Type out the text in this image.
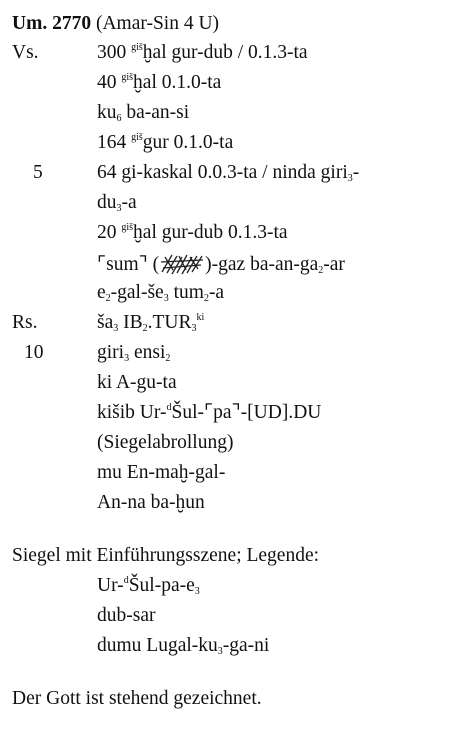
Um. 2770 (Amar-Sin 4 U)
Vs.	300 $^{giš}$ḫal gur-dub / 0.1.3-ta
40 $^{giš}$ḫal 0.1.0-ta
$ku_6$ ba-an-si
164 $^{giš}$gur 0.1.0-ta
5	64 gi-kaskal 0.0.3-ta / ninda giri$_3$-
$du_3-a$
20 $^{giš}$ḫal gur-dub 0.1.3-ta
⌜sum⌝ ( )-gaz $ba-an-ga_2-ar$
$e_2-gal-še_3$ tum$_2$-a
Rs.	$ša_3$ $IB_2.TUR_3^{ki}$
10	giri$_3$ ensi$_2$
ki A-gu-ta
kišib Ur-$^d$Šul-⌜pa⌝-[UD].DU
(Siegelabrollung)
mu En-maḫ-gal-
An-na ba-ḫun
Siegel mit Einführungsszene; Legende:
$Ur-^dŠul-pa-e_3$
dub-sar
dumu Lugal-$ku_3-ga-ni$
Der Gott ist stehend gezeichnet.
